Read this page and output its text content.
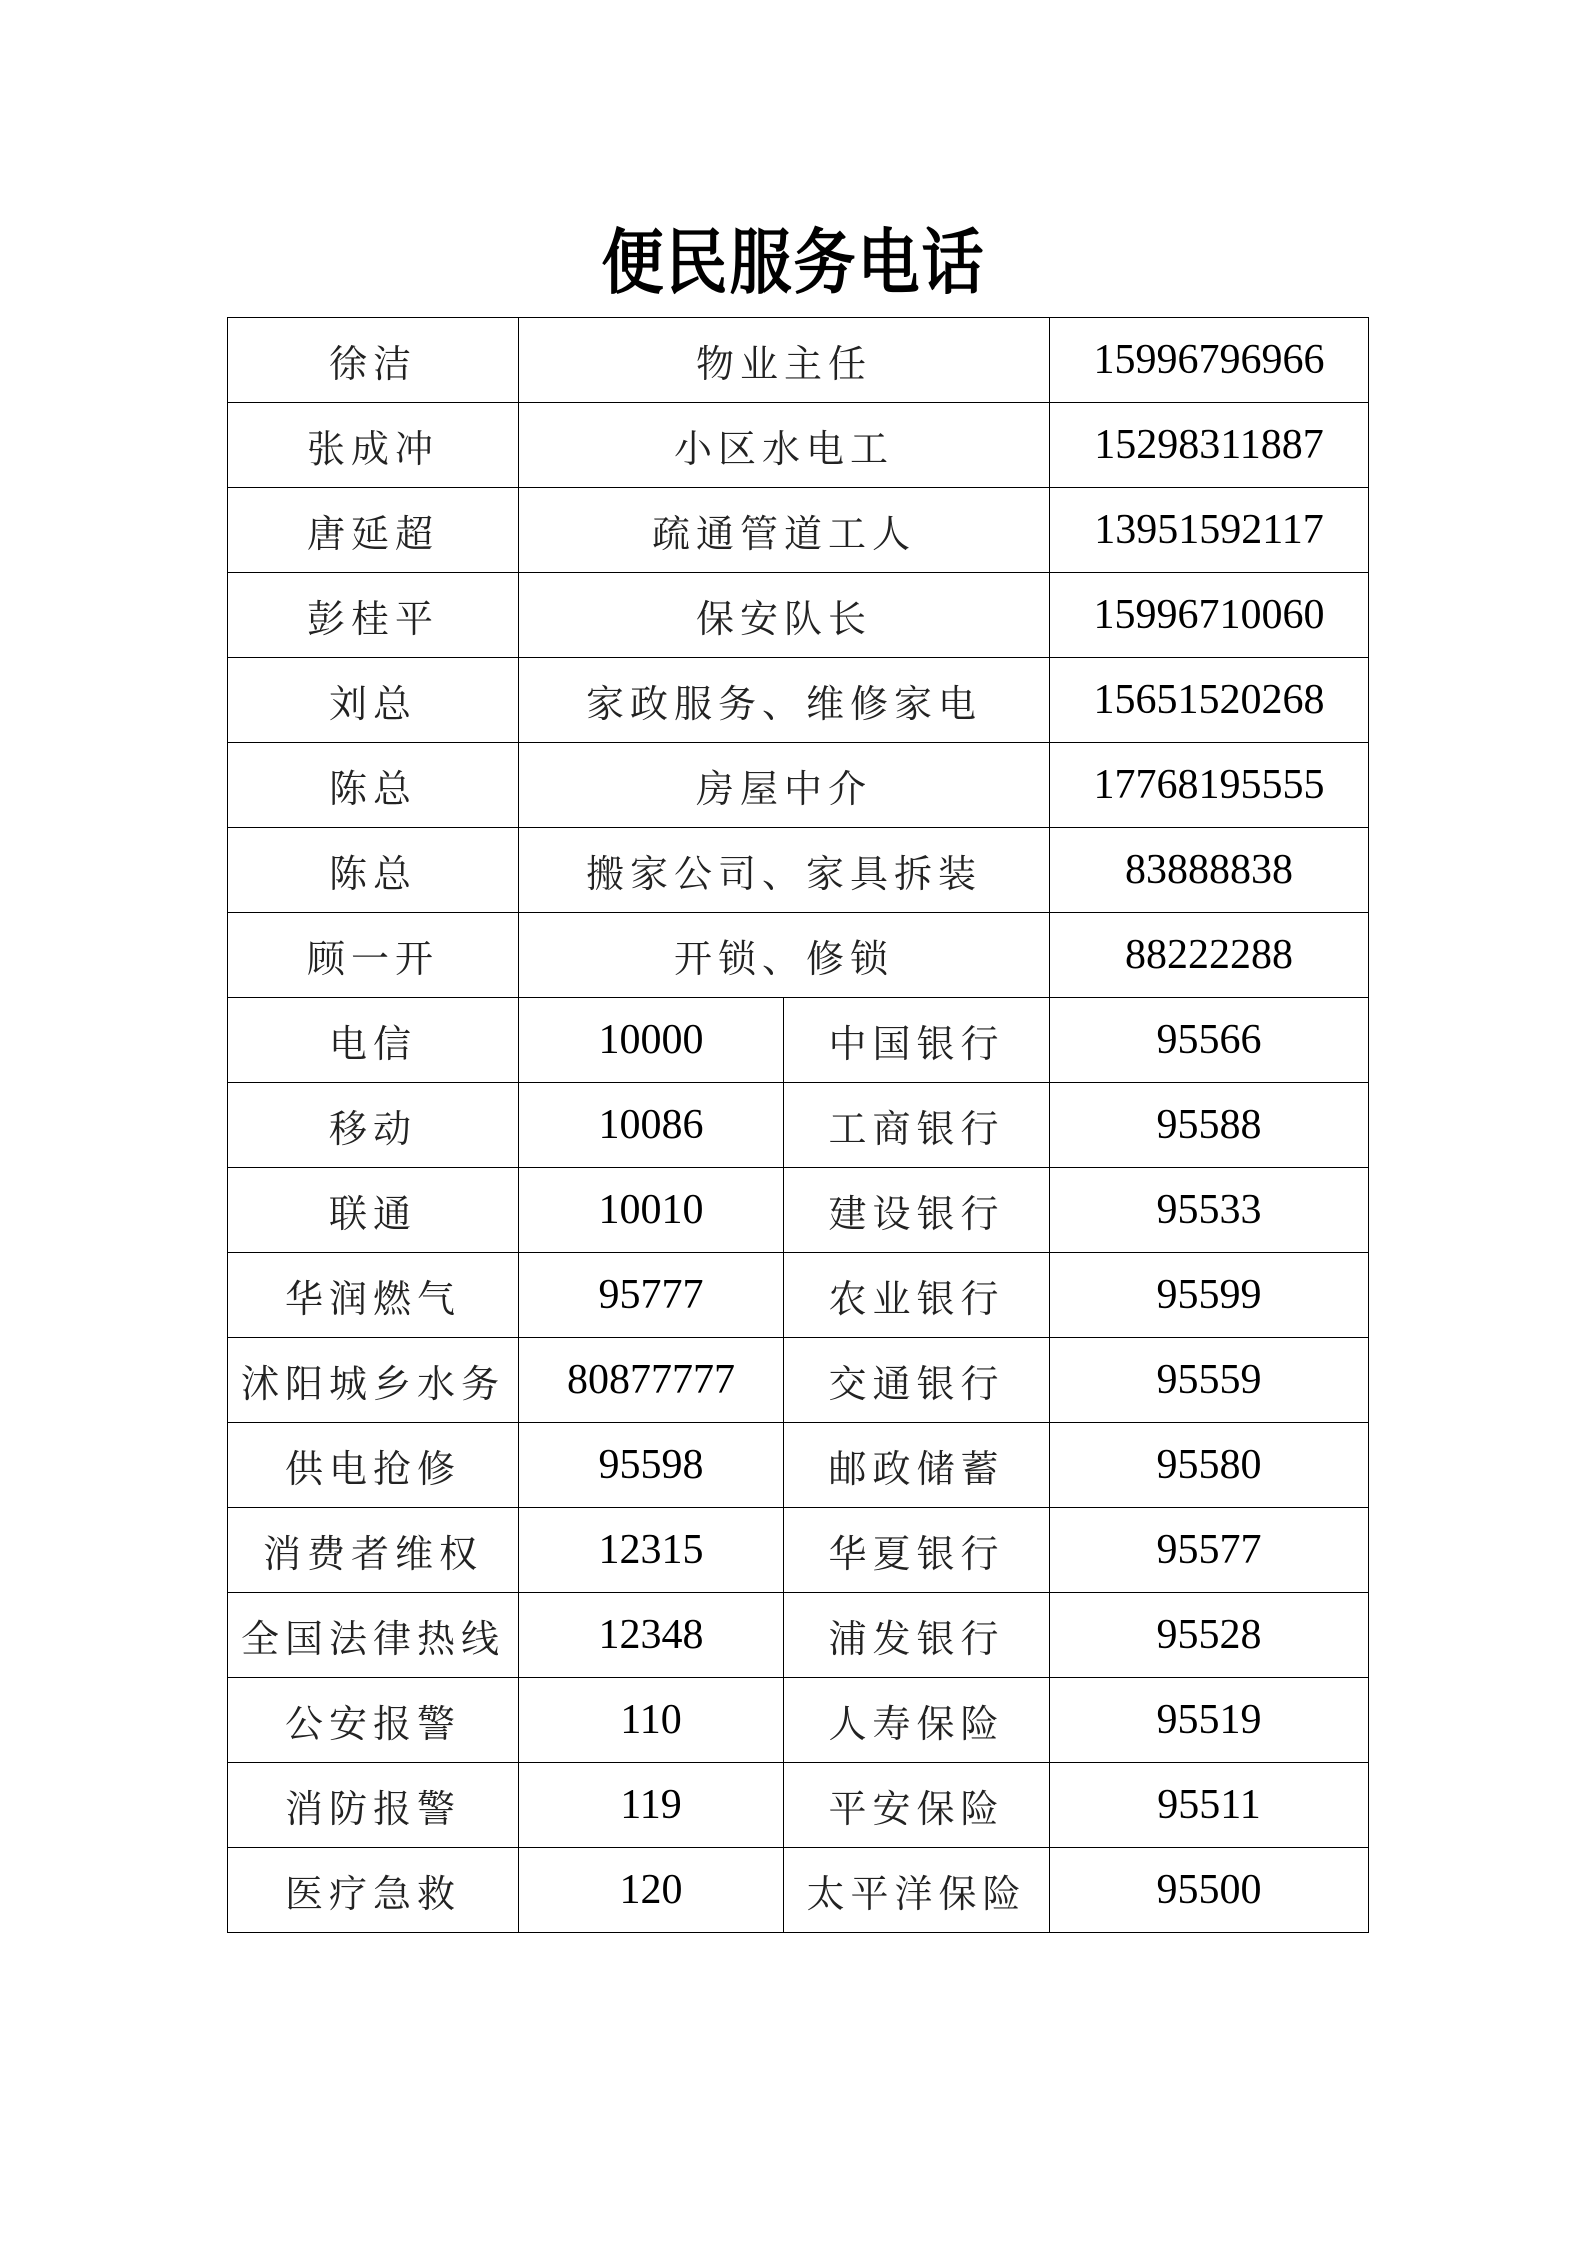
便民服务电话
徐洁	物业主任		15996796966
张成冲	小区水电工		15298311887
唐延超	疏通管道工人		13951592117
彭桂平	保安队长		15996710060
刘总	家政服务、维修家电		15651520268
陈总	房屋中介		17768195555
陈总	搬家公司、家具拆装		83888838
顾一开	开锁、修锁		88222288
电信	10000	中国银行	95566
移动	10086	工商银行	95588
联通	10010	建设银行	95533
华润燃气	95777	农业银行	95599
沭阳城乡水务	80877777	交通银行	95559
供电抢修	95598	邮政储蓄	95580
消费者维权	12315	华夏银行	95577
全国法律热线	12348	浦发银行	95528
公安报警	110	人寿保险	95519
消防报警	119	平安保险	95511
医疗急救	120	太平洋保险	95500
